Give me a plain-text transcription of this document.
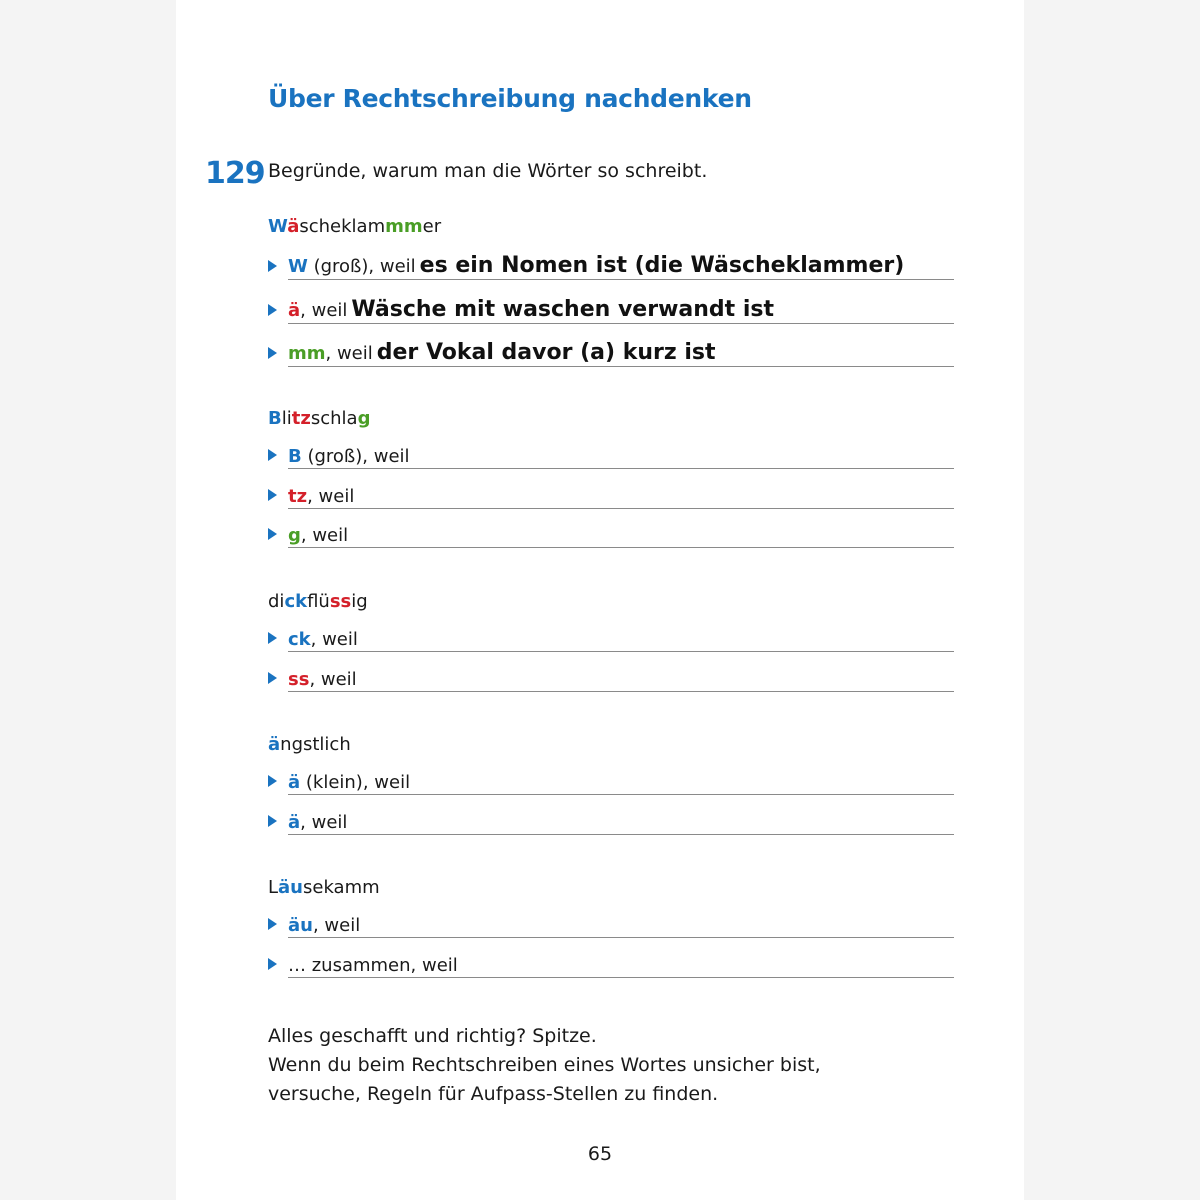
Über Rechtschreibung nachdenken
129 Begründe, warum man die Wörter so schreibt.
Wäscheklammmer
W (groß), weil es ein Nomen ist (die Wäscheklammer)
ä, weil Wäsche mit waschen verwandt ist
mm, weil der Vokal davor (a) kurz ist
Blitzschlag
B (groß), weil
tz, weil
g, weil
dickflüssig
ck, weil
ss, weil
ängstlich
ä (klein), weil
ä, weil
Läusekamm
äu, weil
… zusammen, weil
Alles geschafft und richtig? Spitze.
Wenn du beim Rechtschreiben eines Wortes unsicher bist,
versuche, Regeln für Aufpass-Stellen zu finden.
65
